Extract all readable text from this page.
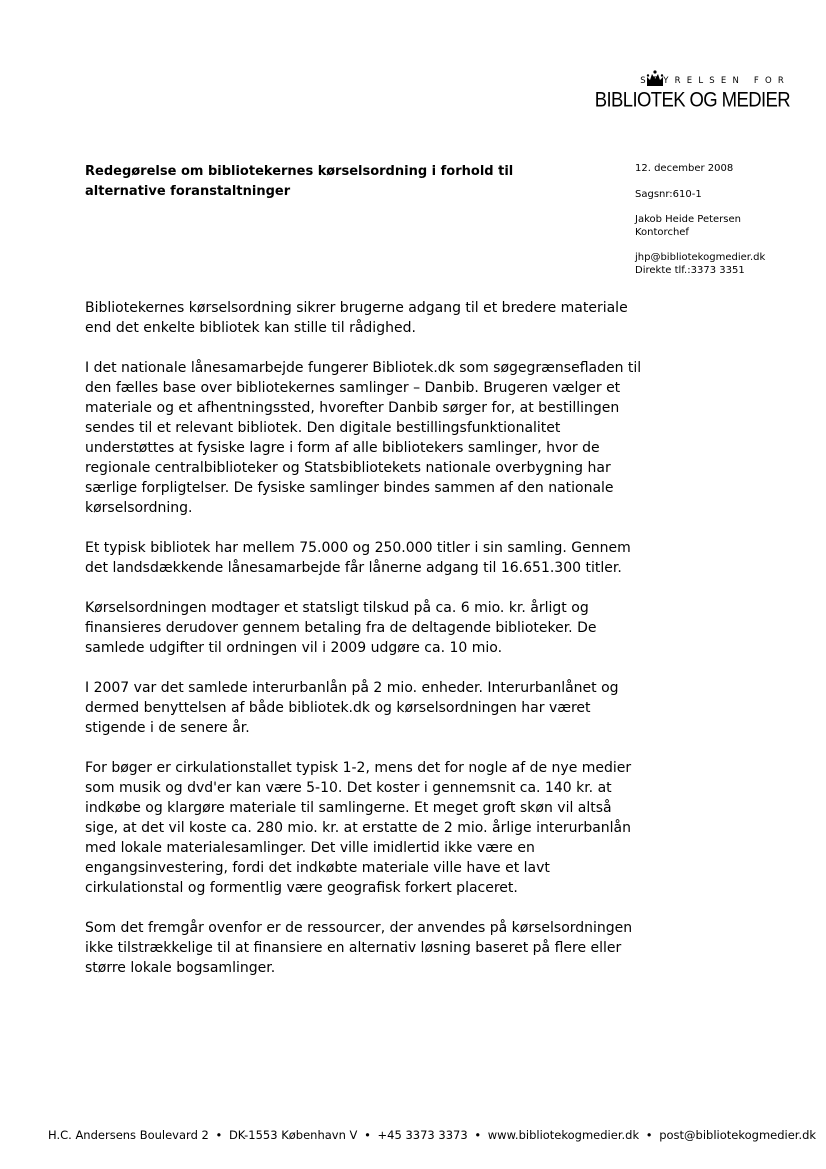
STYRELSEN FOR
BIBLIOTEK OG MEDIER
Redegørelse om bibliotekernes kørselsordning i forhold til alternative foranstaltninger
12. december 2008
Sagsnr:610-1
Jakob Heide Petersen
Kontorchef
jhp@bibliotekogmedier.dk
Direkte tlf.:3373 3351

Bibliotekernes kørselsordning sikrer brugerne adgang til et bredere materiale end det enkelte bibliotek kan stille til rådighed.

I det nationale lånesamarbejde fungerer Bibliotek.dk som søgegrænsefladen til den fælles base over bibliotekernes samlinger – Danbib. Brugeren vælger et materiale og et afhentningssted, hvorefter Danbib sørger for, at bestillingen sendes til et relevant bibliotek. Den digitale bestillingsfunktionalitet understøttes at fysiske lagre i form af alle bibliotekers samlinger, hvor de regionale centralbiblioteker og Statsbibliotekets nationale overbygning har særlige forpligtelser. De fysiske samlinger bindes sammen af den nationale kørselsordning.

Et typisk bibliotek har mellem 75.000 og 250.000 titler i sin samling. Gennem det landsdækkende lånesamarbejde får lånerne adgang til 16.651.300 titler.

Kørselsordningen modtager et statsligt tilskud på ca. 6 mio. kr. årligt og finansieres derudover gennem betaling fra de deltagende biblioteker. De samlede udgifter til ordningen vil i 2009 udgøre ca. 10 mio.

I 2007 var det samlede interurbanlån på 2 mio. enheder. Interurbanlånet og dermed benyttelsen af både bibliotek.dk og kørselsordningen har været stigende i de senere år.

For bøger er cirkulationstallet typisk 1-2, mens det for nogle af de nye medier som musik og dvd'er kan være 5-10. Det koster i gennemsnit ca. 140 kr. at indkøbe og klargøre materiale til samlingerne. Et meget groft skøn vil altså sige, at det vil koste ca. 280 mio. kr. at erstatte de 2 mio. årlige interurbanlån med lokale materialesamlinger. Det ville imidlertid ikke være en engangsinvestering, fordi det indkøbte materiale ville have et lavt cirkulationstal og formentlig være geografisk forkert placeret.

Som det fremgår ovenfor er de ressourcer, der anvendes på kørselsordningen ikke tilstrækkelige til at finansiere en alternativ løsning baseret på flere eller større lokale bogsamlinger.

H.C. Andersens Boulevard 2 • DK-1553 København V • +45 3373 3373 • www.bibliotekogmedier.dk • post@bibliotekogmedier.dk
